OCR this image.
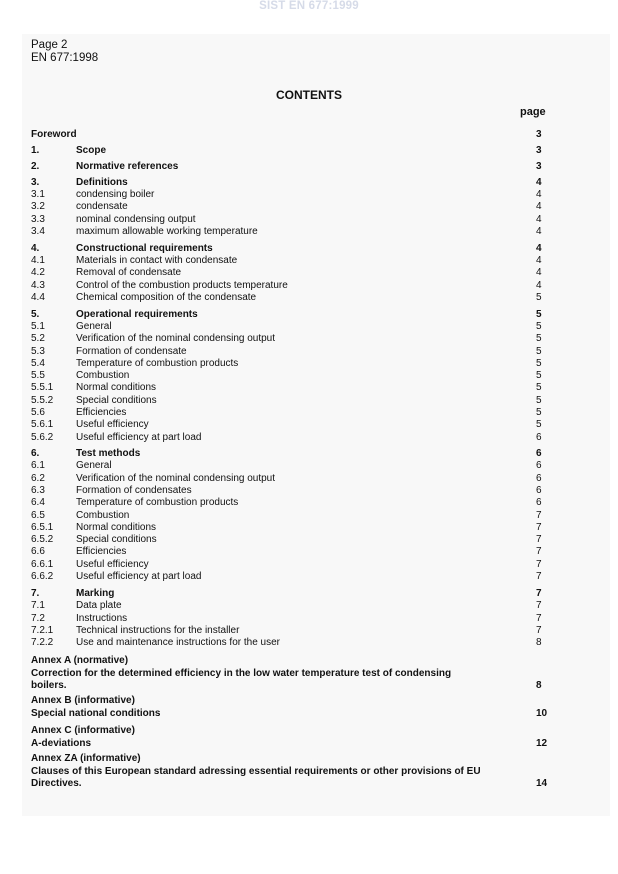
SIST EN 677:1999
Page 2
EN 677:1998
CONTENTS
page
Foreword	3
1.	Scope	3
2.	Normative references	3
3.	Definitions	4
3.1	condensing boiler	4
3.2	condensate	4
3.3	nominal condensing output	4
3.4	maximum allowable working temperature	4
4.	Constructional requirements	4
4.1	Materials in contact with condensate	4
4.2	Removal of condensate	4
4.3	Control of the combustion products temperature	4
4.4	Chemical composition of the condensate	5
5.	Operational requirements	5
5.1	General	5
5.2	Verification of the nominal condensing output	5
5.3	Formation of condensate	5
5.4	Temperature of combustion products	5
5.5	Combustion	5
5.5.1 Normal conditions	5
5.5.2 Special conditions	5
5.6	Efficiencies	5
5.6.1 Useful efficiency	5
5.6.2 Useful efficiency at part load	6
6.	Test methods	6
6.1	General	6
6.2	Verification of the nominal condensing output	6
6.3	Formation of condensates	6
6.4	Temperature of combustion products	6
6.5	Combustion	7
6.5.1 Normal conditions	7
6.5.2 Special conditions	7
6.6	Efficiencies	7
6.6.1 Useful efficiency	7
6.6.2 Useful efficiency at part load	7
7.	Marking	7
7.1	Data plate	7
7.2	Instructions	7
7.2.1 Technical instructions for the installer	7
7.2.2 Use and maintenance instructions for the user	8
Annex A (normative)
Correction for the determined efficiency in the low water temperature test of condensing
boilers.	8
Annex B (informative)
Special national conditions	10
Annex C (informative)
A-deviations	12
Annex ZA (informative)
Clauses of this European standard adressing essential requirements or other provisions of EU
Directives.	14
